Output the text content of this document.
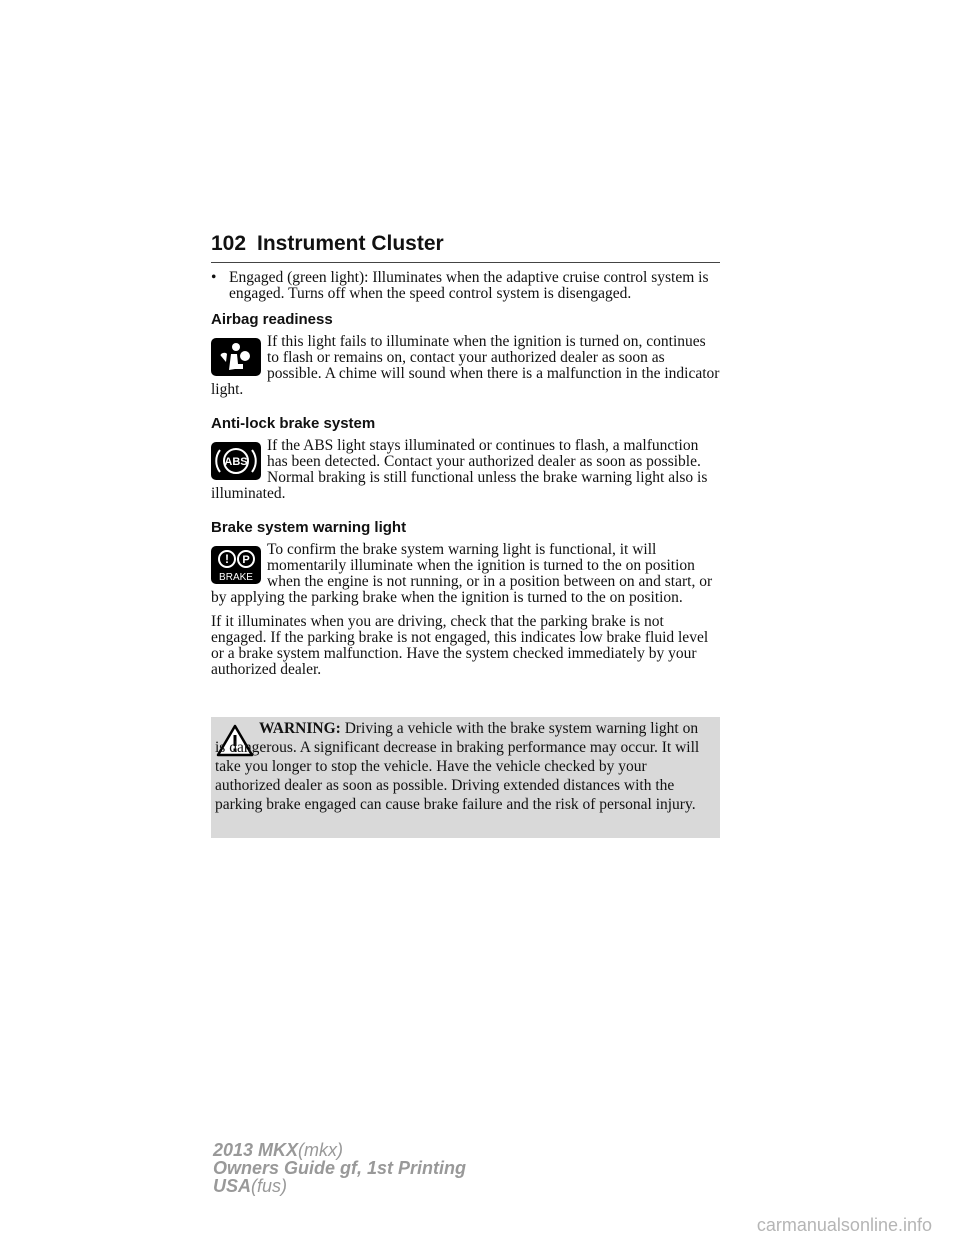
102 Instrument Cluster
• Engaged (green light): Illuminates when the adaptive cruise control system is engaged. Turns off when the speed control system is disengaged.
Airbag readiness

If this light fails to illuminate when the ignition is turned on, continues to flash or remains on, contact your authorized dealer as soon as possible. A chime will sound when there is a malfunction in the indicator light.

Anti-lock brake system
ABS

If the ABS light stays illuminated or continues to flash, a malfunction has been detected. Contact your authorized dealer as soon as possible. Normal braking is still functional unless the brake warning light also is illuminated.

Brake system warning light
! P
BRAKE

To confirm the brake system warning light is functional, it will momentarily illuminate when the ignition is turned to the on position when the engine is not running, or in a position between on and start, or by applying the parking brake when the ignition is turned to the on position.

If it illuminates when you are driving, check that the parking brake is not engaged. If the parking brake is not engaged, this indicates low brake fluid level or a brake system malfunction. Have the system checked immediately by your authorized dealer.

WARNING: Driving a vehicle with the brake system warning light on is dangerous. A significant decrease in braking performance may occur. It will take you longer to stop the vehicle. Have the vehicle checked by your authorized dealer as soon as possible. Driving extended distances with the parking brake engaged can cause brake failure and the risk of personal injury.
2013 MKX(mkx)
Owners Guide gf, 1st Printing
USA(fus)
carmanualsonline.info
